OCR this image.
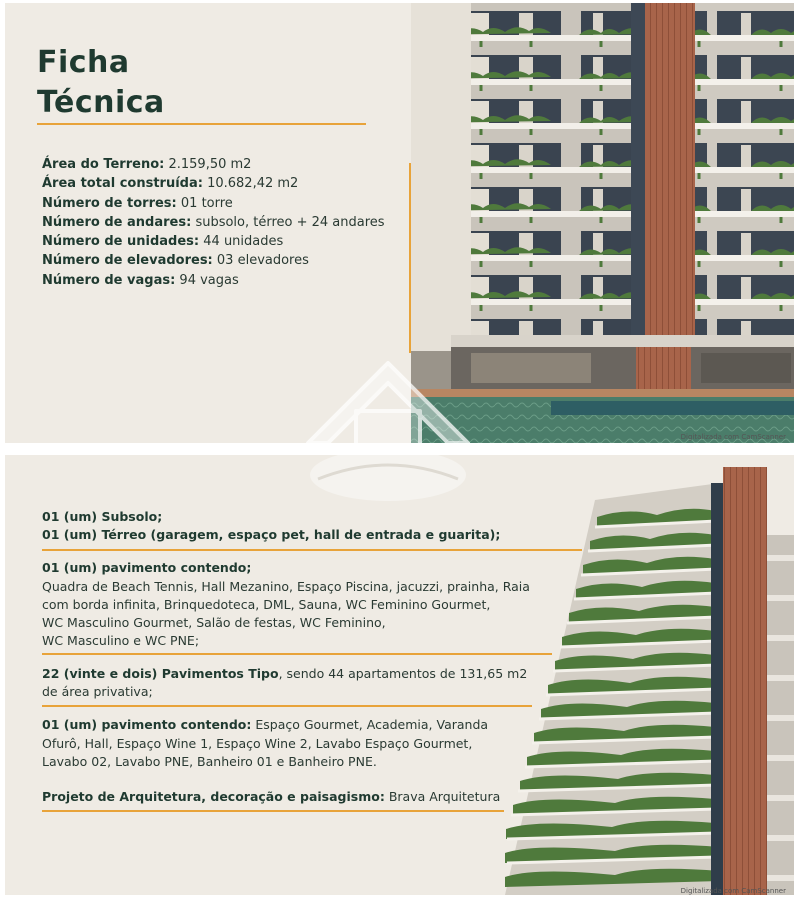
Ficha
Técnica
Área do Terreno: 2.159,50 m2
Área total construída: 10.682,42 m2
Número de torres: 01 torre
Número de andares: subsolo, térreo + 24 andares
Número de unidades: 44 unidades
Número de elevadores: 03 elevadores
Número de vagas: 94 vagas
Digitalizada com CamScanner
01 (um) Subsolo;
01 (um) Térreo (garagem, espaço pet, hall de entrada e guarita);
01 (um) pavimento contendo;
Quadra de Beach Tennis, Hall Mezanino, Espaço Piscina, jacuzzi, prainha, Raia
com borda infinita, Brinquedoteca, DML, Sauna, WC Feminino Gourmet,
WC Masculino Gourmet, Salão de festas, WC Feminino,
WC Masculino e WC PNE;
22 (vinte e dois) Pavimentos Tipo, sendo 44 apartamentos de 131,65 m2
de área privativa;
01 (um) pavimento contendo: Espaço Gourmet, Academia, Varanda
Ofurô, Hall, Espaço Wine 1, Espaço Wine 2, Lavabo Espaço Gourmet,
Lavabo 02, Lavabo PNE, Banheiro 01 e Banheiro PNE.
Projeto de Arquitetura, decoração e paisagismo: Brava Arquitetura
Digitalizada com CamScanner
